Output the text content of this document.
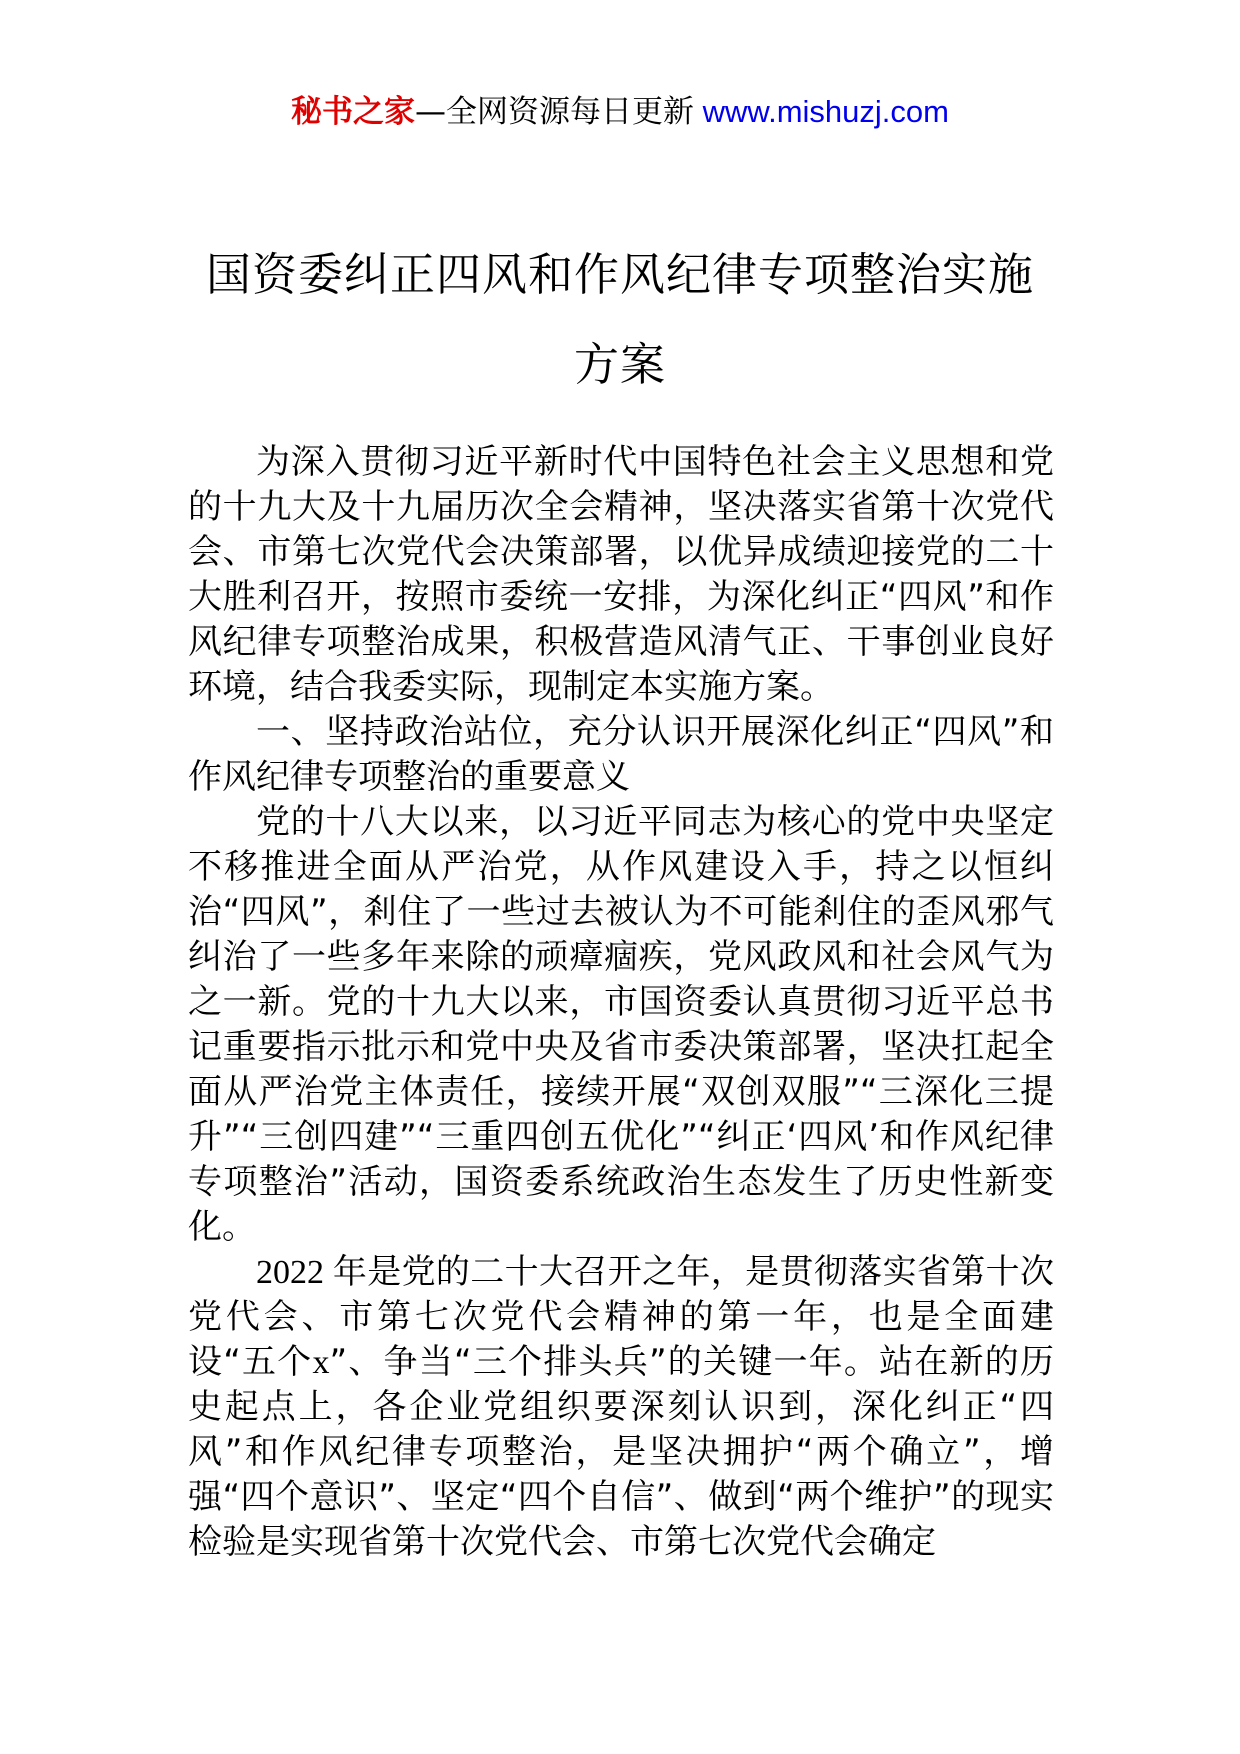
秘书之家—全网资源每日更新 www.mishuzj.com
国资委纠正四风和作风纪律专项整治实施
方案

为深入贯彻习近平新时代中国特色社会主义思想和党的十九大及十九届历次全会精神，坚决落实省第十次党代会、市第七次党代会决策部署，以优异成绩迎接党的二十大胜利召开，按照市委统一安排，为深化纠正“四风”和作风纪律专项整治成果，积极营造风清气正、干事创业良好环境，结合我委实际，现制定本实施方案。

一、坚持政治站位，充分认识开展深化纠正“四风”和作风纪律专项整治的重要意义

党的十八大以来，以习近平同志为核心的党中央坚定不移推进全面从严治党，从作风建设入手，持之以恒纠治“四风”，剎住了一些过去被认为不可能剎住的歪风邪气纠治了一些多年来除的顽瘴痼疾，党风政风和社会风气为之一新。党的十九大以来，市国资委认真贯彻习近平总书记重要指示批示和党中央及省市委决策部署，坚决扛起全面从严治党主体责任，接续开展“双创双服”“三深化三提升”“三创四建”“三重四创五优化”“纠正‘四风’和作风纪律专项整治”活动，国资委系统政治生态发生了历史性新变化。

2022 年是党的二十大召开之年，是贯彻落实省第十次党代会、市第七次党代会精神的第一年，也是全面建设“五个x”、争当“三个排头兵”的关键一年。站在新的历史起点上，各企业党组织要深刻认识到，深化纠正“四风”和作风纪律专项整治，是坚决拥护“两个确立”，增强“四个意识”、坚定“四个自信”、做到“两个维护”的现实检验是实现省第十次党代会、市第七次党代会确定
